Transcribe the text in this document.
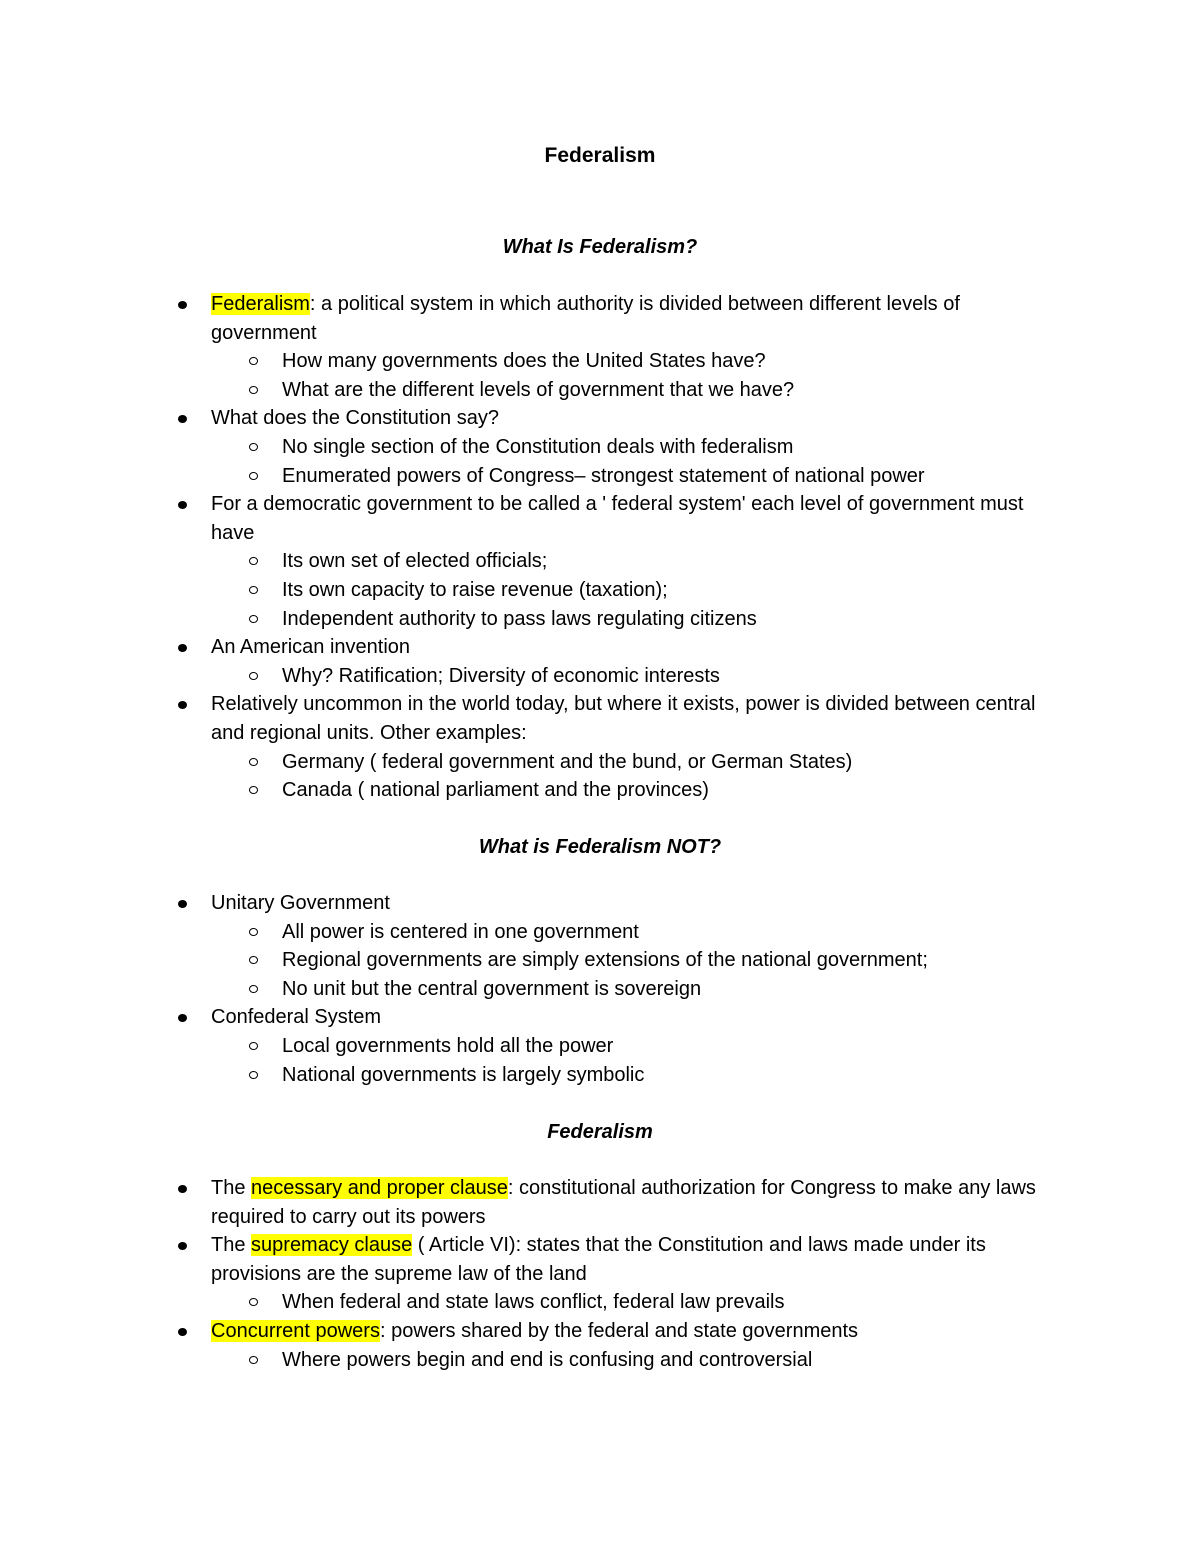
Federalism
What Is Federalism?
Federalism: a political system in which authority is divided between different levels of government
How many governments does the United States have?
What are the different levels of government that we have?
What does the Constitution say?
No single section of the Constitution deals with federalism
Enumerated powers of Congress– strongest statement of national power
For a democratic government to be called a ' federal system' each level of government must have
Its own set of elected officials;
Its own capacity to raise revenue (taxation);
Independent authority to pass laws regulating citizens
An American invention
Why? Ratification; Diversity of economic interests
Relatively uncommon in the world today, but where it exists, power is divided between central and regional units. Other examples:
Germany ( federal government and the bund, or German States)
Canada ( national parliament and the provinces)
What is Federalism NOT?
Unitary Government
All power is centered in one government
Regional governments are simply extensions of the national government;
No unit but the central government is sovereign
Confederal System
Local governments hold all the power
National governments is largely symbolic
Federalism
The necessary and proper clause: constitutional authorization for Congress to make any laws required to carry out its powers
The supremacy clause ( Article VI): states that the Constitution and laws made under its provisions are the supreme law of the land
When federal and state laws conflict, federal law prevails
Concurrent powers: powers shared by the federal and state governments
Where powers begin and end is confusing and controversial
